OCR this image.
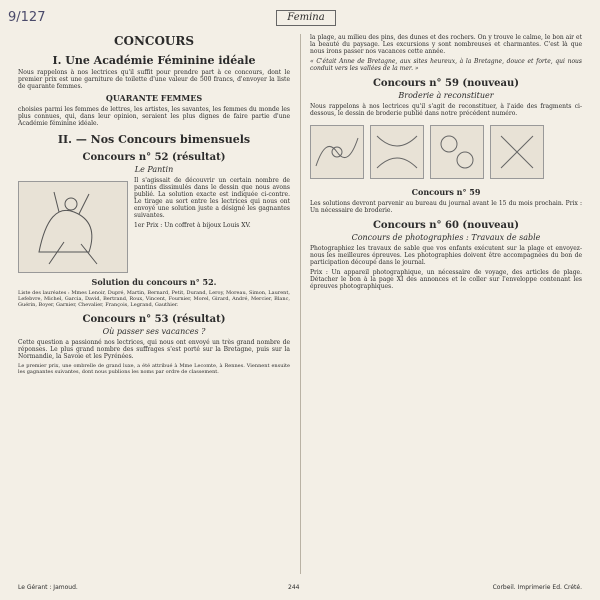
9/127	Femina
CONCOURS
I. Une Académie Féminine idéale

Nous rappelons à nos lectrices qu'il suffit pour prendre part à ce concours, dont le premier prix est une garniture de toilette d'une valeur de 500 francs, d'envoyer la liste de quarante femmes.

QUARANTE FEMMES

choisies parmi les femmes de lettres, les artistes, les savantes, les femmes du monde les plus connues, qui, dans leur opinion, seraient les plus dignes de faire partie d'une Académie féminine idéale.

II. — Nos Concours bimensuels
Concours n° 52 (résultat)
Le Pantin

Il s'agissait de découvrir un certain nombre de pantins dissimulés dans le dessin que nous avons publié. La solution exacte est indiquée ci-contre. Le tirage au sort entre les lectrices qui nous ont envoyé une solution juste a désigné les gagnantes suivantes.

1er Prix : Un coffret à bijoux Louis XV.

Solution du concours n° 52.

Liste des lauréates : Mmes Lenoir, Dupré, Martin, Bernard, Petit, Durand, Leroy, Moreau, Simon, Laurent, Lefebvre, Michel, Garcia, David, Bertrand, Roux, Vincent, Fournier, Morel, Girard, André, Mercier, Blanc, Guérin, Boyer, Garnier, Chevalier, François, Legrand, Gauthier.

Concours n° 53 (résultat)
Où passer ses vacances ?

Cette question a passionné nos lectrices, qui nous ont envoyé un très grand nombre de réponses. Le plus grand nombre des suffrages s'est porté sur la Bretagne, puis sur la Normandie, la Savoie et les Pyrénées.

Le premier prix, une ombrelle de grand luxe, a été attribué à Mme Lecomte, à Rennes. Viennent ensuite les gagnantes suivantes, dont nous publions les noms par ordre de classement.

la plage, au milieu des pins, des dunes et des rochers. On y trouve le calme, le bon air et la beauté du paysage. Les excursions y sont nombreuses et charmantes. C'est là que nous irons passer nos vacances cette année.

« C'était Anne de Bretagne, aux sites heureux, à la Bretagne, douce et forte, qui nous conduit vers les vallées de la mer. »

Concours n° 59 (nouveau)
Broderie à reconstituer

Nous rappelons à nos lectrices qu'il s'agit de reconstituer, à l'aide des fragments ci-dessous, le dessin de broderie publié dans notre précédent numéro.

Concours n° 59

Les solutions devront parvenir au bureau du journal avant le 15 du mois prochain. Prix : Un nécessaire de broderie.

Concours n° 60 (nouveau)
Concours de photographies : Travaux de sable

Photographiez les travaux de sable que vos enfants exécutent sur la plage et envoyez-nous les meilleures épreuves. Les photographies doivent être accompagnées du bon de participation découpé dans le journal.

Prix : Un appareil photographique, un nécessaire de voyage, des articles de plage. Détacher le bon à la page XI des annonces et le coller sur l'enveloppe contenant les épreuves photographiques.

Le Gérant : Jamoud.	244	Corbeil. Imprimerie Ed. Crété.
